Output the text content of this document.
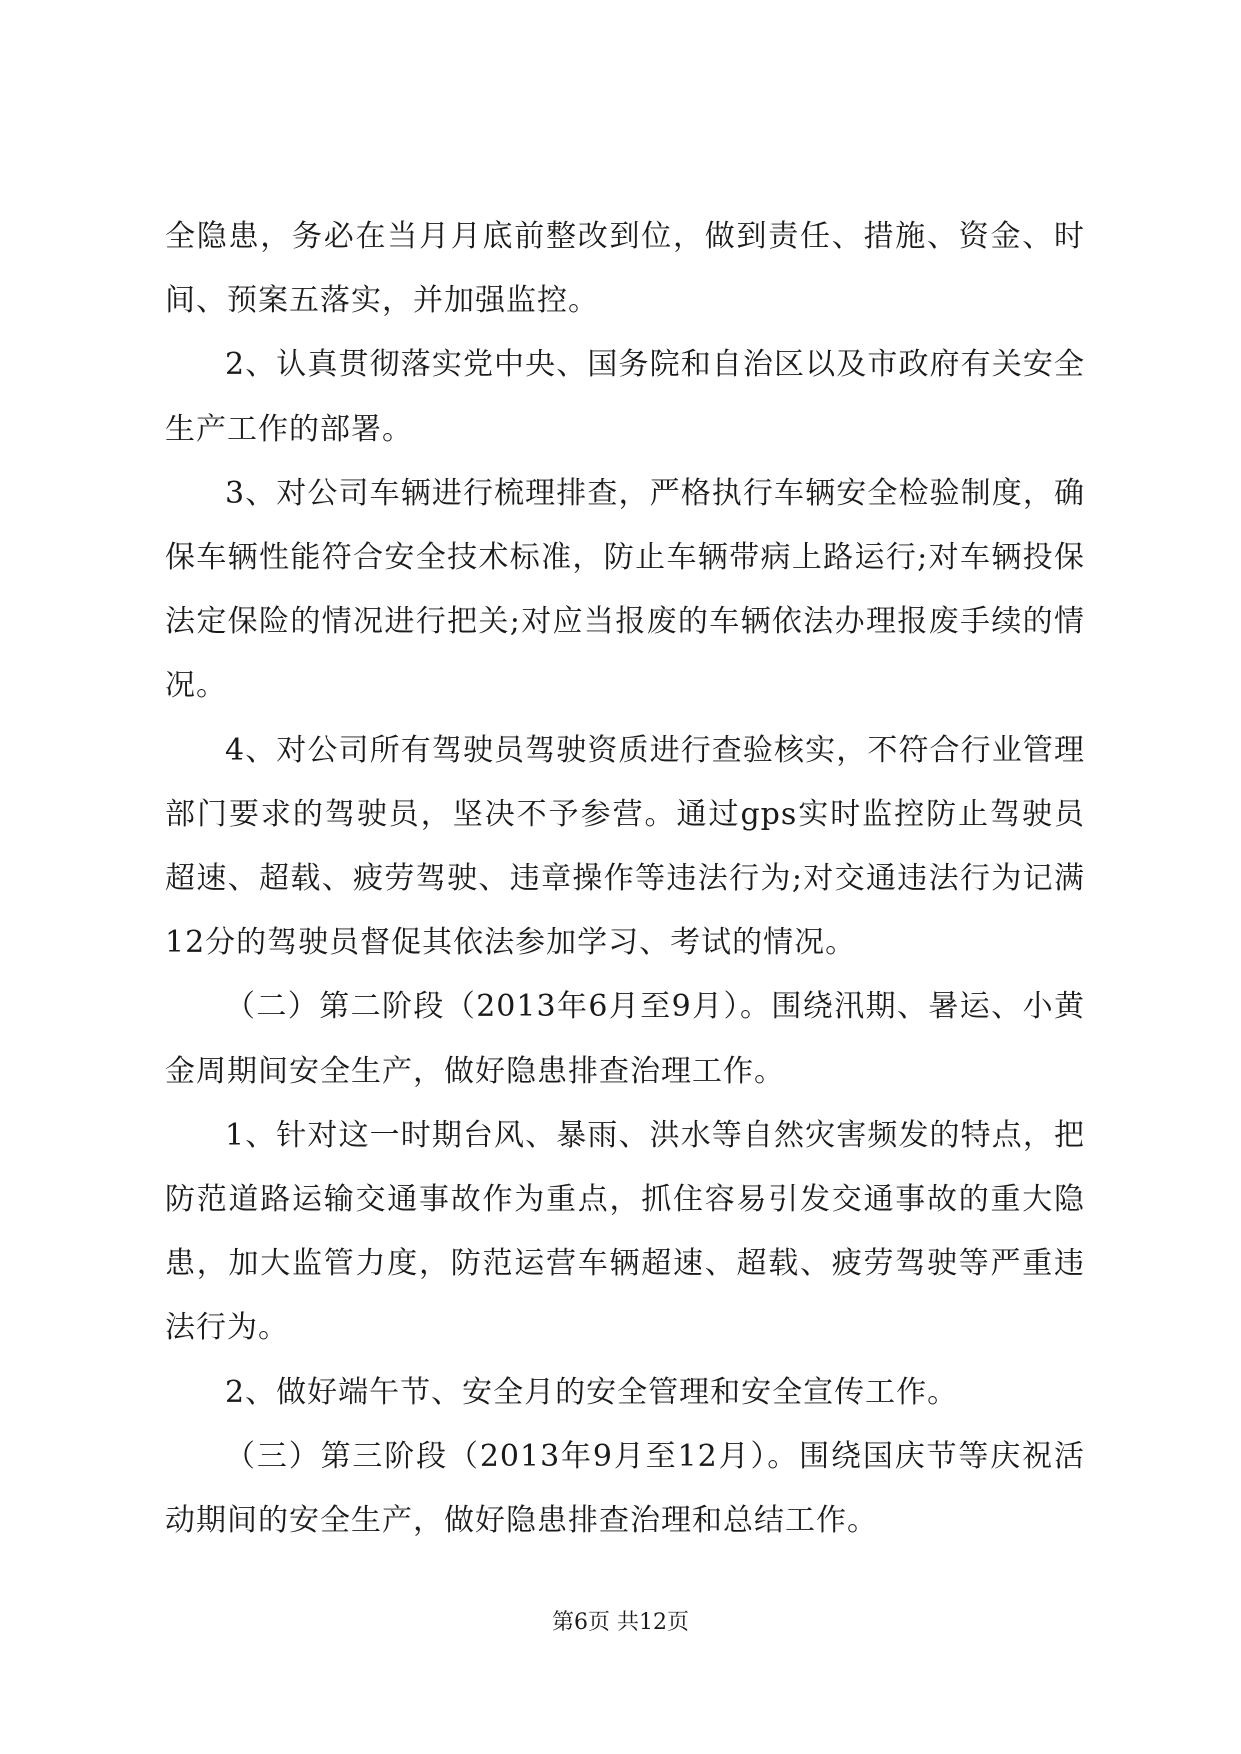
全隐患，务必在当月月底前整改到位，做到责任、措施、资金、时间、预案五落实，并加强监控。

2、认真贯彻落实党中央、国务院和自治区以及市政府有关安全生产工作的部署。

3、对公司车辆进行梳理排查，严格执行车辆安全检验制度，确保车辆性能符合安全技术标准，防止车辆带病上路运行;对车辆投保法定保险的情况进行把关;对应当报废的车辆依法办理报废手续的情况。

4、对公司所有驾驶员驾驶资质进行查验核实，不符合行业管理部门要求的驾驶员，坚决不予参营。通过gps实时监控防止驾驶员超速、超载、疲劳驾驶、违章操作等违法行为;对交通违法行为记满12分的驾驶员督促其依法参加学习、考试的情况。

（二）第二阶段（2013年6月至9月）。围绕汛期、暑运、小黄金周期间安全生产，做好隐患排查治理工作。

1、针对这一时期台风、暴雨、洪水等自然灾害频发的特点，把防范道路运输交通事故作为重点，抓住容易引发交通事故的重大隐患，加大监管力度，防范运营车辆超速、超载、疲劳驾驶等严重违法行为。

2、做好端午节、安全月的安全管理和安全宣传工作。

（三）第三阶段（2013年9月至12月）。围绕国庆节等庆祝活动期间的安全生产，做好隐患排查治理和总结工作。

第6页 共12页
